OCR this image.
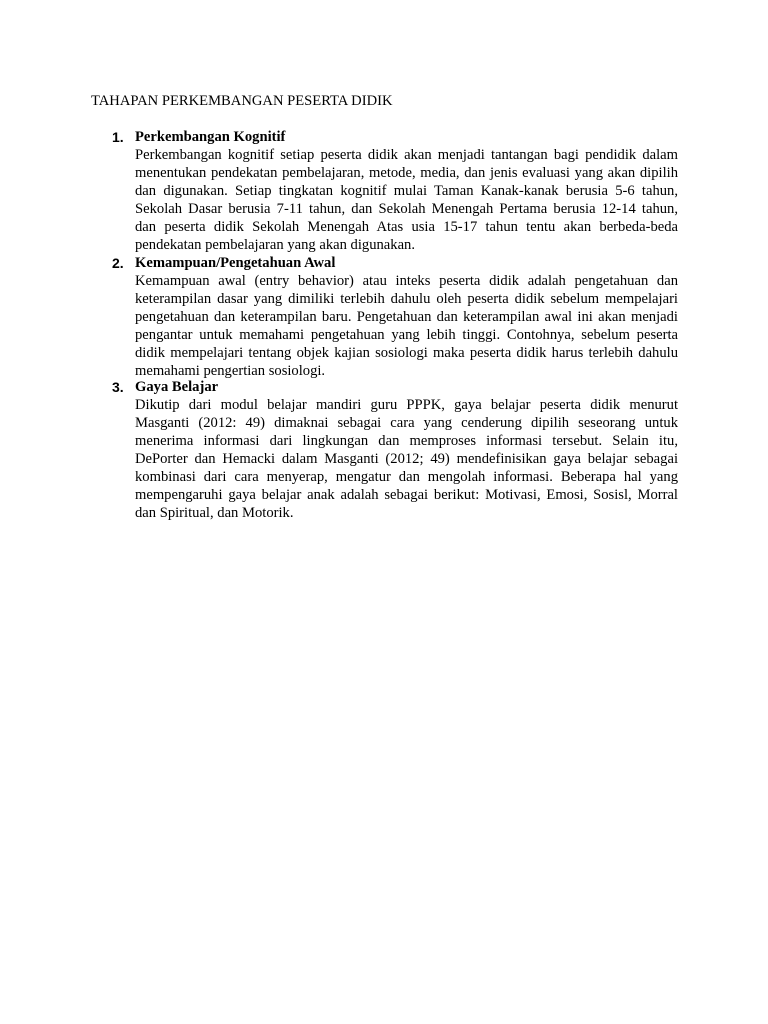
TAHAPAN PERKEMBANGAN PESERTA DIDIK
1. Perkembangan Kognitif

Perkembangan kognitif setiap peserta didik akan menjadi tantangan bagi pendidik dalam
menentukan pendekatan pembelajaran, metode, media, dan jenis evaluasi yang akan dipilih
dan digunakan. Setiap tingkatan kognitif mulai Taman Kanak-kanak berusia 5-6 tahun,
Sekolah Dasar berusia 7-11 tahun, dan Sekolah Menengah Pertama berusia 12-14 tahun,
dan peserta didik Sekolah Menengah Atas usia 15-17 tahun tentu akan berbeda-beda
pendekatan pembelajaran yang akan digunakan.

2. Kemampuan/Pengetahuan Awal

Kemampuan awal (entry behavior) atau inteks peserta didik adalah pengetahuan dan
keterampilan dasar yang dimiliki terlebih dahulu oleh peserta didik sebelum mempelajari
pengetahuan dan keterampilan baru. Pengetahuan dan keterampilan awal ini akan menjadi
pengantar untuk memahami pengetahuan yang lebih tinggi. Contohnya, sebelum peserta
didik mempelajari tentang objek kajian sosiologi maka peserta didik harus terlebih dahulu
memahami pengertian sosiologi.

3. Gaya Belajar

Dikutip dari modul belajar mandiri guru PPPK, gaya belajar peserta didik menurut
Masganti (2012: 49) dimaknai sebagai cara yang cenderung dipilih seseorang untuk
menerima informasi dari lingkungan dan memproses informasi tersebut. Selain itu,
DePorter dan Hemacki dalam Masganti (2012; 49) mendefinisikan gaya belajar sebagai
kombinasi dari cara menyerap, mengatur dan mengolah informasi. Beberapa hal yang
mempengaruhi gaya belajar anak adalah sebagai berikut: Motivasi, Emosi, Sosisl, Morral
dan Spiritual, dan Motorik.
